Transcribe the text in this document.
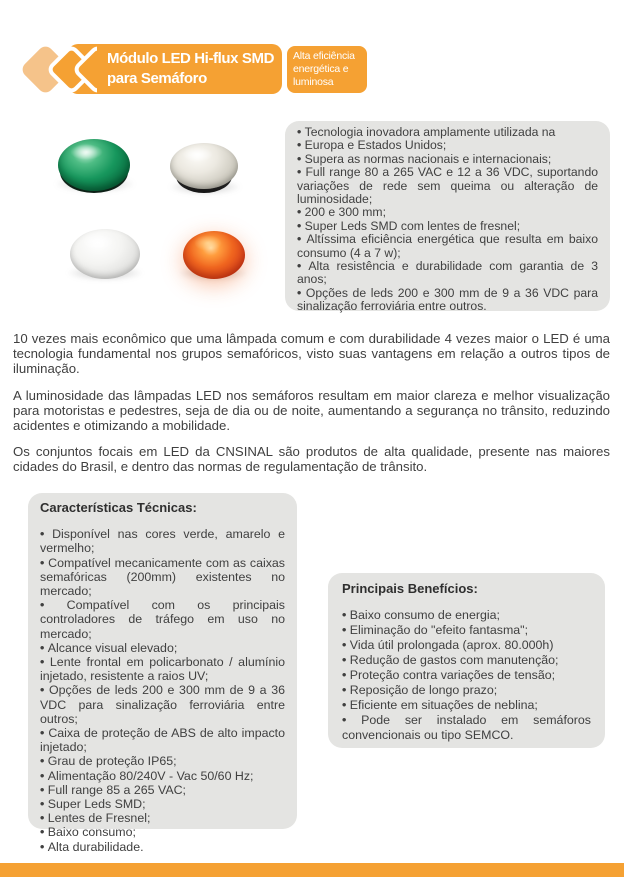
Módulo LED Hi-flux SMD
para Semáforo
Alta eficiência
energética e
luminosa
• Tecnologia inovadora amplamente utilizada na
• Europa e Estados Unidos;
• Supera as normas nacionais e internacionais;
• Full range 80 a 265 VAC e 12 a 36 VDC, suportando variações de rede sem queima ou alteração de luminosidade;
• 200 e 300 mm;
• Super Leds SMD com lentes de fresnel;
• Altíssima eficiência energética que resulta em baixo consumo (4 a 7 w);
• Alta resistência e durabilidade com garantia de 3 anos;
• Opções de leds 200 e 300 mm de 9 a 36 VDC para sinalização ferroviária entre outros.

10 vezes mais econômico que uma lâmpada comum e com durabilidade 4 vezes maior o LED é uma tecnologia fundamental nos grupos semafóricos, visto suas vantagens em relação a outros tipos de iluminação.

A luminosidade das lâmpadas LED nos semáforos resultam em maior clareza e melhor visualização para motoristas e pedestres, seja de dia ou de noite, aumentando a segurança no trânsito, reduzindo acidentes e otimizando a mobilidade.

Os conjuntos focais em LED da CNSINAL são produtos de alta qualidade, presente nas maiores cidades do Brasil, e dentro das normas de regulamentação de trânsito.

Características Técnicas:

• Disponível nas cores verde, amarelo e vermelho;
• Compatível mecanicamente com as caixas semafóricas (200mm) existentes no mercado;
• Compatível com os principais controladores de tráfego em uso no mercado;
• Alcance visual elevado;
• Lente frontal em policarbonato / alumínio injetado, resistente a raios UV;
• Opções de leds 200 e 300 mm de 9 a 36 VDC para sinalização ferroviária entre outros;
• Caixa de proteção de ABS de alto impacto injetado;
• Grau de proteção IP65;
• Alimentação 80/240V - Vac 50/60 Hz;
• Full range 85 a 265 VAC;
• Super Leds SMD;
• Lentes de Fresnel;
• Baixo consumo;
• Alta durabilidade.

Principais Benefícios:

• Baixo consumo de energia;
• Eliminação do "efeito fantasma";
• Vida útil prolongada (aprox. 80.000h)
• Redução de gastos com manutenção;
• Proteção contra variações de tensão;
• Reposição de longo prazo;
• Eficiente em situações de neblina;
• Pode ser instalado em semáforos convencionais ou tipo SEMCO.
